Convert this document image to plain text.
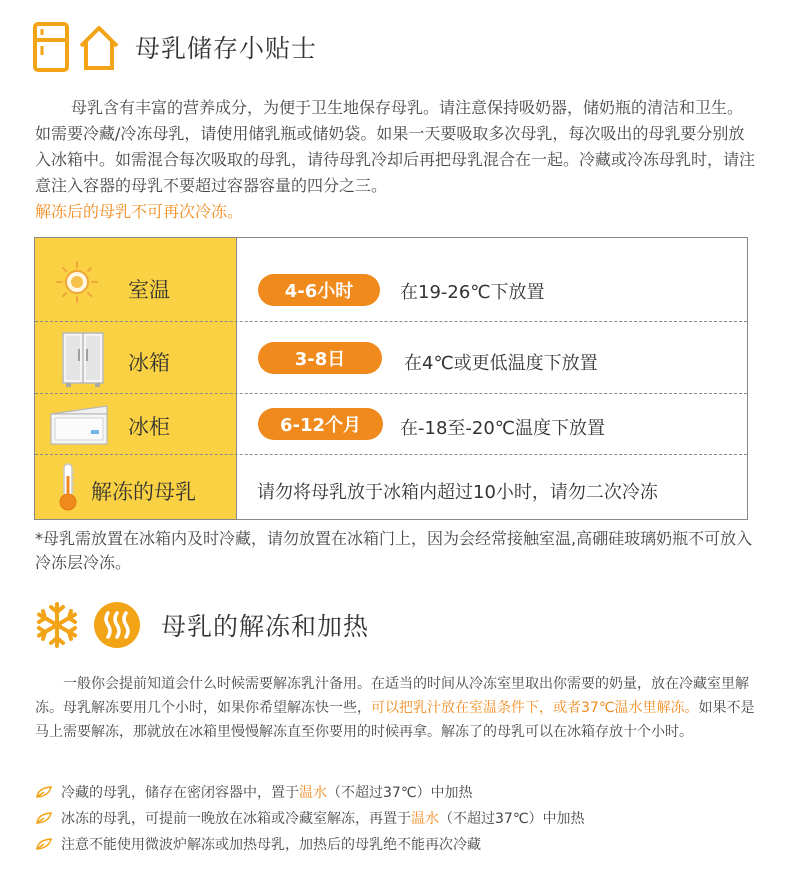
母乳储存小贴士

母乳含有丰富的营养成分，为便于卫生地保存母乳。请注意保持吸奶器，储奶瓶的清洁和卫生。如需要冷藏/冷冻母乳，请使用储乳瓶或储奶袋。如果一天要吸取多次母乳，每次吸出的母乳要分别放入冰箱中。如需混合每次吸取的母乳，请待母乳冷却后再把母乳混合在一起。冷藏或冷冻母乳时，请注意注入容器的母乳不要超过容器容量的四分之三。

解冻后的母乳不可再次冷冻。

室温	4-6小时	在19-26℃下放置
冰箱	3-8日	在4℃或更低温度下放置
冰柜	6-12个月	在-18至-20℃温度下放置
解冻的母乳	请勿将母乳放于冰箱内超过10小时，请勿二次冷冻
*母乳需放置在冰箱内及时冷藏，请勿放置在冰箱门上，因为会经常接触室温,高硼硅玻璃奶瓶不可放入冷冻层冷冻。
母乳的解冻和加热
一般你会提前知道会什么时候需要解冻乳汁备用。在适当的时间从冷冻室里取出你需要的奶量，放在冷藏室里解冻。母乳解冻要用几个小时，如果你希望解冻快一些，可以把乳汁放在室温条件下，或者37℃温水里解冻。如果不是马上需要解冻，那就放在冰箱里慢慢解冻直至你要用的时候再拿。解冻了的母乳可以在冰箱存放十个小时。
冷藏的母乳，储存在密闭容器中，置于 温水 （不超过37℃）中加热
冰冻的母乳，可提前一晚放在冰箱或冷藏室解冻，再置于 温水 （不超过37℃）中加热
注意不能使用微波炉解冻或加热母乳，加热后的母乳绝不能再次冷藏
